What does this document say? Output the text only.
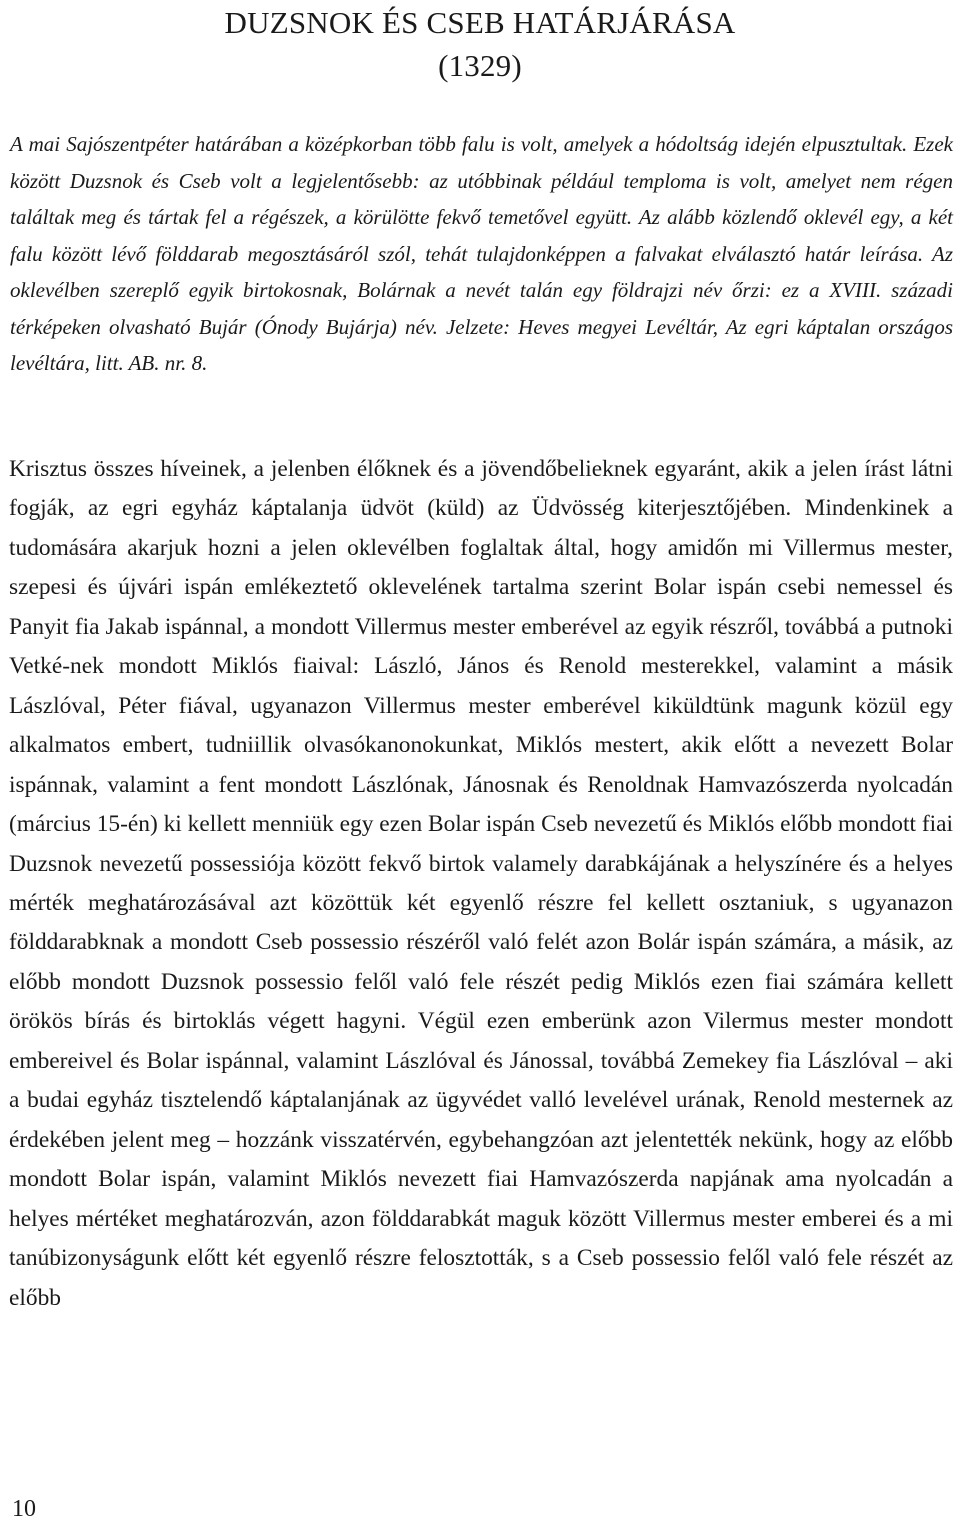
DUZSNOK ÉS CSEB HATÁRJÁRÁSA
(1329)

A mai Sajószentpéter határában a középkorban több falu is volt, amelyek a hódoltság idején elpusztultak. Ezek között Duzsnok és Cseb volt a legjelentősebb: az utóbbinak például temploma is volt, amelyet nem régen találtak meg és tártak fel a régészek, a körülötte fekvő temetővel együtt. Az alább közlendő oklevél egy, a két falu között lévő földdarab megosztásáról szól, tehát tulajdonképpen a falvakat elválasztó határ leírása. Az oklevélben szereplő egyik birtokosnak, Bolárnak a nevét talán egy földrajzi név őrzi: ez a XVIII. századi térképeken olvasható Bujár (Ónody Bujárja) név. Jelzete: Heves megyei Levéltár, Az egri káptalan országos levéltára, litt. AB. nr. 8.

Krisztus összes híveinek, a jelenben élőknek és a jövendőbelieknek egyaránt, akik a jelen írást látni fogják, az egri egyház káptalanja üdvöt (küld) az Üdvösség kiterjesztőjében. Mindenkinek a tudomására akarjuk hozni a jelen oklevélben foglaltak által, hogy amidőn mi Villermus mester, szepesi és újvári ispán emlékeztető oklevelének tartalma szerint Bolar ispán csebi nemessel és Panyit fia Jakab ispánnal, a mondott Villermus mester emberével az egyik részről, továbbá a putnoki Vetké-nek mondott Miklós fiaival: László, János és Renold mesterekkel, valamint a másik Lászlóval, Péter fiával, ugyanazon Villermus mester emberével kiküldtünk magunk közül egy alkalmatos embert, tudniillik olvasókanonokunkat, Miklós mestert, akik előtt a nevezett Bolar ispánnak, valamint a fent mondott Lászlónak, Jánosnak és Renoldnak Hamvazószerda nyolcadán (március 15-én) ki kellett menniük egy ezen Bolar ispán Cseb nevezetű és Miklós előbb mondott fiai Duzsnok nevezetű possessiója között fekvő birtok valamely darabkájának a helyszínére és a helyes mérték meghatározásával azt közöttük két egyenlő részre fel kellett osztaniuk, s ugyanazon földdarabknak a mondott Cseb possessio részéről való felét azon Bolár ispán számára, a másik, az előbb mondott Duzsnok possessio felől való fele részét pedig Miklós ezen fiai számára kellett örökös bírás és birtoklás végett hagyni. Végül ezen emberünk azon Vilermus mester mondott embereivel és Bolar ispánnal, valamint Lászlóval és Jánossal, továbbá Zemekey fia Lászlóval – aki a budai egyház tisztelendő káptalanjának az ügyvédet valló levelével urának, Renold mesternek az érdekében jelent meg – hozzánk visszatérvén, egybehangzóan azt jelentették nekünk, hogy az előbb mondott Bolar ispán, valamint Miklós nevezett fiai Hamvazószerda napjának ama nyolcadán a helyes mértéket meghatározván, azon földdarabkát maguk között Villermus mester emberei és a mi tanúbizonyságunk előtt két egyenlő részre felosztották, s a Cseb possessio felől való fele részét az előbb

10
